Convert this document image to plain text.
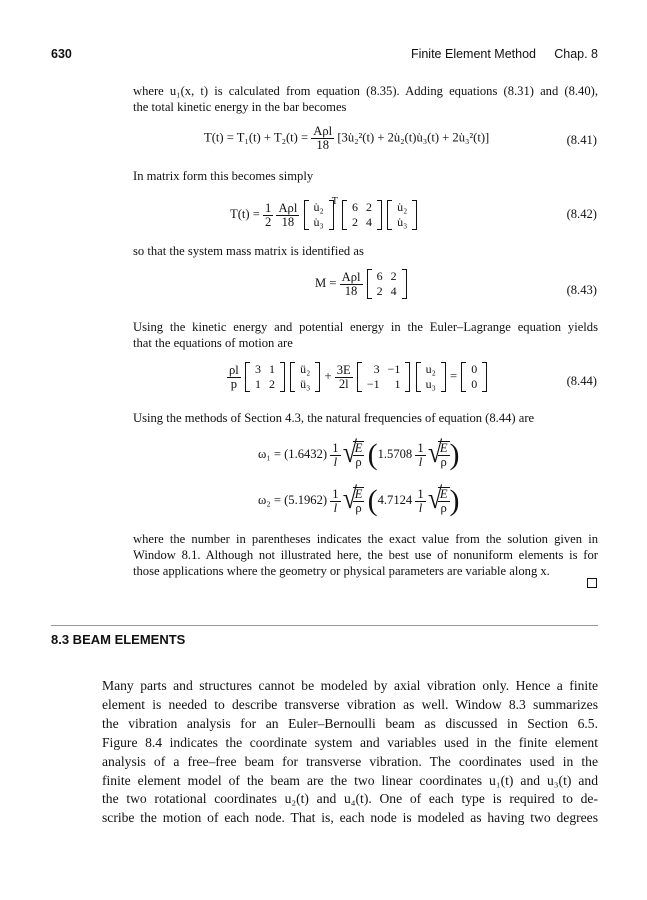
630	Finite Element Method Chap. 8
where u₁(x, t) is calculated from equation (8.35). Adding equations (8.31) and (8.40),
the total kinetic energy in the bar becomes
$T(t) = T_1(t) + T_2(t) = \frac{\text{Aρl}}{18}$ [3u̇₂²(t) + 2u̇₂(t)u̇₃(t) + 2u̇₃²(t)]	(8.41)
In matrix form this becomes simply
$T(t) = \frac{1}{2}$
$\frac{\text{Aρl}}{18}$
u̇₂
u̇₃
$^T$ 6	2
2	4

u̇₂
u̇₃
(8.42)
so that the system mass matrix is identified as
$M = \frac{\text{Aρl}}{18}$
6	2
2	4	(8.43)
Using the kinetic energy and potential energy in the Euler–Lagrange equation yields
that the equations of motion are
$\frac{\rho l}{p}$
3	1
1	2

ü₂
ü₃
+ $\frac{3E}{2l}$
3	−1
−1	1

u₂
u₃
= 0
0	(8.44)
Using the methods of Section 4.3, the natural frequencies of equation (8.44) are
$\omega_1 = (1.6432) \frac{1}{l}$
√ $\frac{E}{\rho} (1.5708 \frac{1}{l}$
√ $\frac{E}{\rho}$ )
$\omega_2 = (5.1962) \frac{1}{l}$
√ $\frac{E}{\rho} (4.7124 \frac{1}{l}$
√ $\frac{E}{\rho}$ )
where the number in parentheses indicates the exact value from the solution given in
Window 8.1. Although not illustrated here, the best use of nonuniform elements is for
those applications where the geometry or physical parameters are variable along x.
8.3 BEAM ELEMENTS
Many parts and structures cannot be modeled by axial vibration only. Hence a finite
element is needed to describe transverse vibration as well. Window 8.3 summarizes
the vibration analysis for an Euler–Bernoulli beam as discussed in Section 6.5.
Figure 8.4 indicates the coordinate system and variables used in the finite element
analysis of a free–free beam for transverse vibration. The coordinates used in the
finite element model of the beam are the two linear coordinates u₁(t) and u₃(t) and
the two rotational coordinates u₂(t) and u₄(t). One of each type is required to de-
scribe the motion of each node. That is, each node is modeled as having two degrees
